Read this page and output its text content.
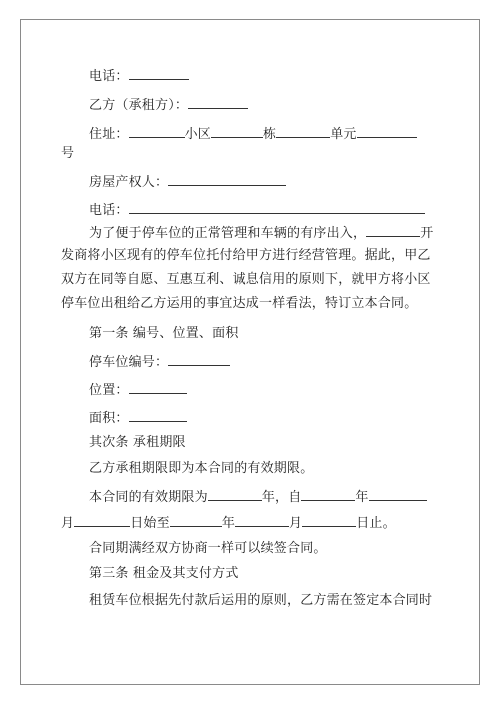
电话：
乙方（承租方）：
住址：	小区	栋	单元
号
房屋产权人：
电话：
为了便于停车位的正常管理和车辆的有序出入，	开
发商将小区现有的停车位托付给甲方进行经营管理。据此，甲乙
双方在同等自愿、互惠互利、诚息信用的原则下，就甲方将小区
停车位出租给乙方运用的事宜达成一样看法，特订立本合同。
第一条 编号、位置、面积
停车位编号：
位置：
面积：
其次条 承租期限
乙方承租期限即为本合同的有效期限。
本合同的有效期限为	年，自	年
月	日始至	年	月	日止。
合同期满经双方协商一样可以续签合同。
第三条 租金及其支付方式
租赁车位根据先付款后运用的原则，乙方需在签定本合同时
